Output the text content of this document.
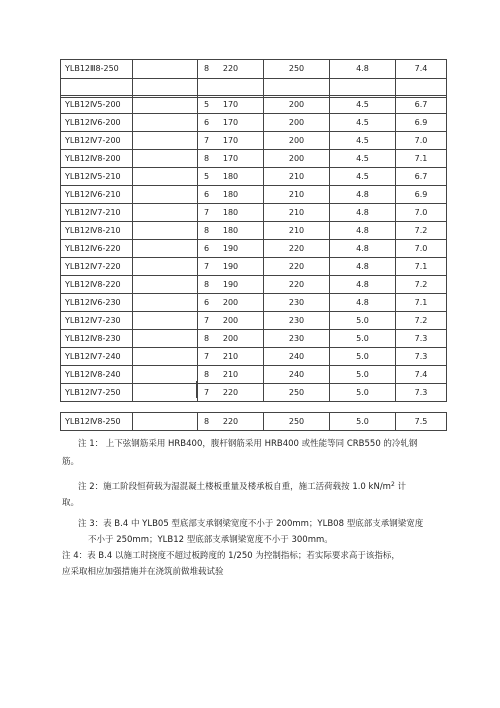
YLB12Ⅲ8-250	8	220	250	4.8	7.4

YLB12Ⅳ5-200	5	170	200	4.5	6.7
YLB12Ⅳ6-200	6	170	200	4.5	6.9
YLB12Ⅳ7-200	7	170	200	4.5	7.0
YLB12Ⅳ8-200	8	170	200	4.5	7.1
YLB12Ⅳ5-210	5	180	210	4.5	6.7
YLB12Ⅳ6-210	6	180	210	4.8	6.9
YLB12Ⅳ7-210	7	180	210	4.8	7.0
YLB12Ⅳ8-210	8	180	210	4.8	7.2
YLB12Ⅳ6-220	6	190	220	4.8	7.0
YLB12Ⅳ7-220	7	190	220	4.8	7.1
YLB12Ⅳ8-220	8	190	220	4.8	7.2
YLB12Ⅳ6-230	6	200	230	4.8	7.1
YLB12Ⅳ7-230	7	200	230	5.0	7.2
YLB12Ⅳ8-230	8	200	230	5.0	7.3
YLB12Ⅳ7-240	7	210	240	5.0	7.3
YLB12Ⅳ8-240	8	210	240	5.0	7.4
YLB12Ⅳ7-250	7	220	250	5.0	7.3
YLB12Ⅳ8-250	8	220	250	5.0	7.5
注 1： 上下弦钢筋采用 HRB400，腹杆钢筋采用 HRB400 或性能等同 CRB550 的冷轧钢
筋。
注 2：施工阶段恒荷载为湿混凝土楼板重量及楼承板自重，施工活荷载按 1.0 $kN/m^2$ 计
取。
注 3：表 B.4 中 YLB05 型底部支承钢梁宽度不小于 200mm；YLB08 型底部支承钢梁宽度
不小于 250mm；YLB12 型底部支承钢梁宽度不小于 300mm。
注 4：表 B.4 以施工时挠度不超过板跨度的 1/250 为控制指标；若实际要求高于该指标，
应采取相应加强措施并在浇筑前做堆载试验
